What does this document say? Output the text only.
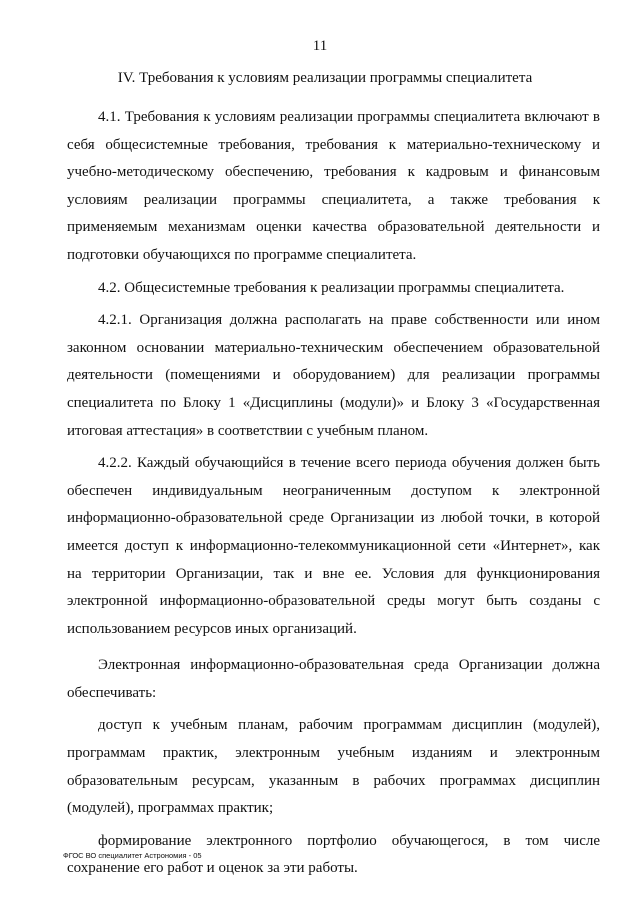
11
IV. Требования к условиям реализации программы специалитета

4.1. Требования к условиям реализации программы специалитета включают в себя общесистемные требования, требования к материально-техническому и учебно-методическому обеспечению, требования к кадровым и финансовым условиям реализации программы специалитета, а также требования к применяемым механизмам оценки качества образовательной деятельности и подготовки обучающихся по программе специалитета.

4.2. Общесистемные требования к реализации программы специалитета.

4.2.1. Организация должна располагать на праве собственности или ином законном основании материально-техническим обеспечением образовательной деятельности (помещениями и оборудованием) для реализации программы специалитета по Блоку 1 «Дисциплины (модули)» и Блоку 3 «Государственная итоговая аттестация» в соответствии с учебным планом.

4.2.2. Каждый обучающийся в течение всего периода обучения должен быть обеспечен индивидуальным неограниченным доступом к электронной информационно-образовательной среде Организации из любой точки, в которой имеется доступ к информационно-телекоммуникационной сети «Интернет», как на территории Организации, так и вне ее. Условия для функционирования электронной информационно-образовательной среды могут быть созданы с использованием ресурсов иных организаций.

Электронная информационно-образовательная среда Организации должна обеспечивать:

доступ к учебным планам, рабочим программам дисциплин (модулей), программам практик, электронным учебным изданиям и электронным образовательным ресурсам, указанным в рабочих программах дисциплин (модулей), программах практик;

формирование электронного портфолио обучающегося, в том числе сохранение его работ и оценок за эти работы.

ФГОС ВО специалитет Астрономия - 05
